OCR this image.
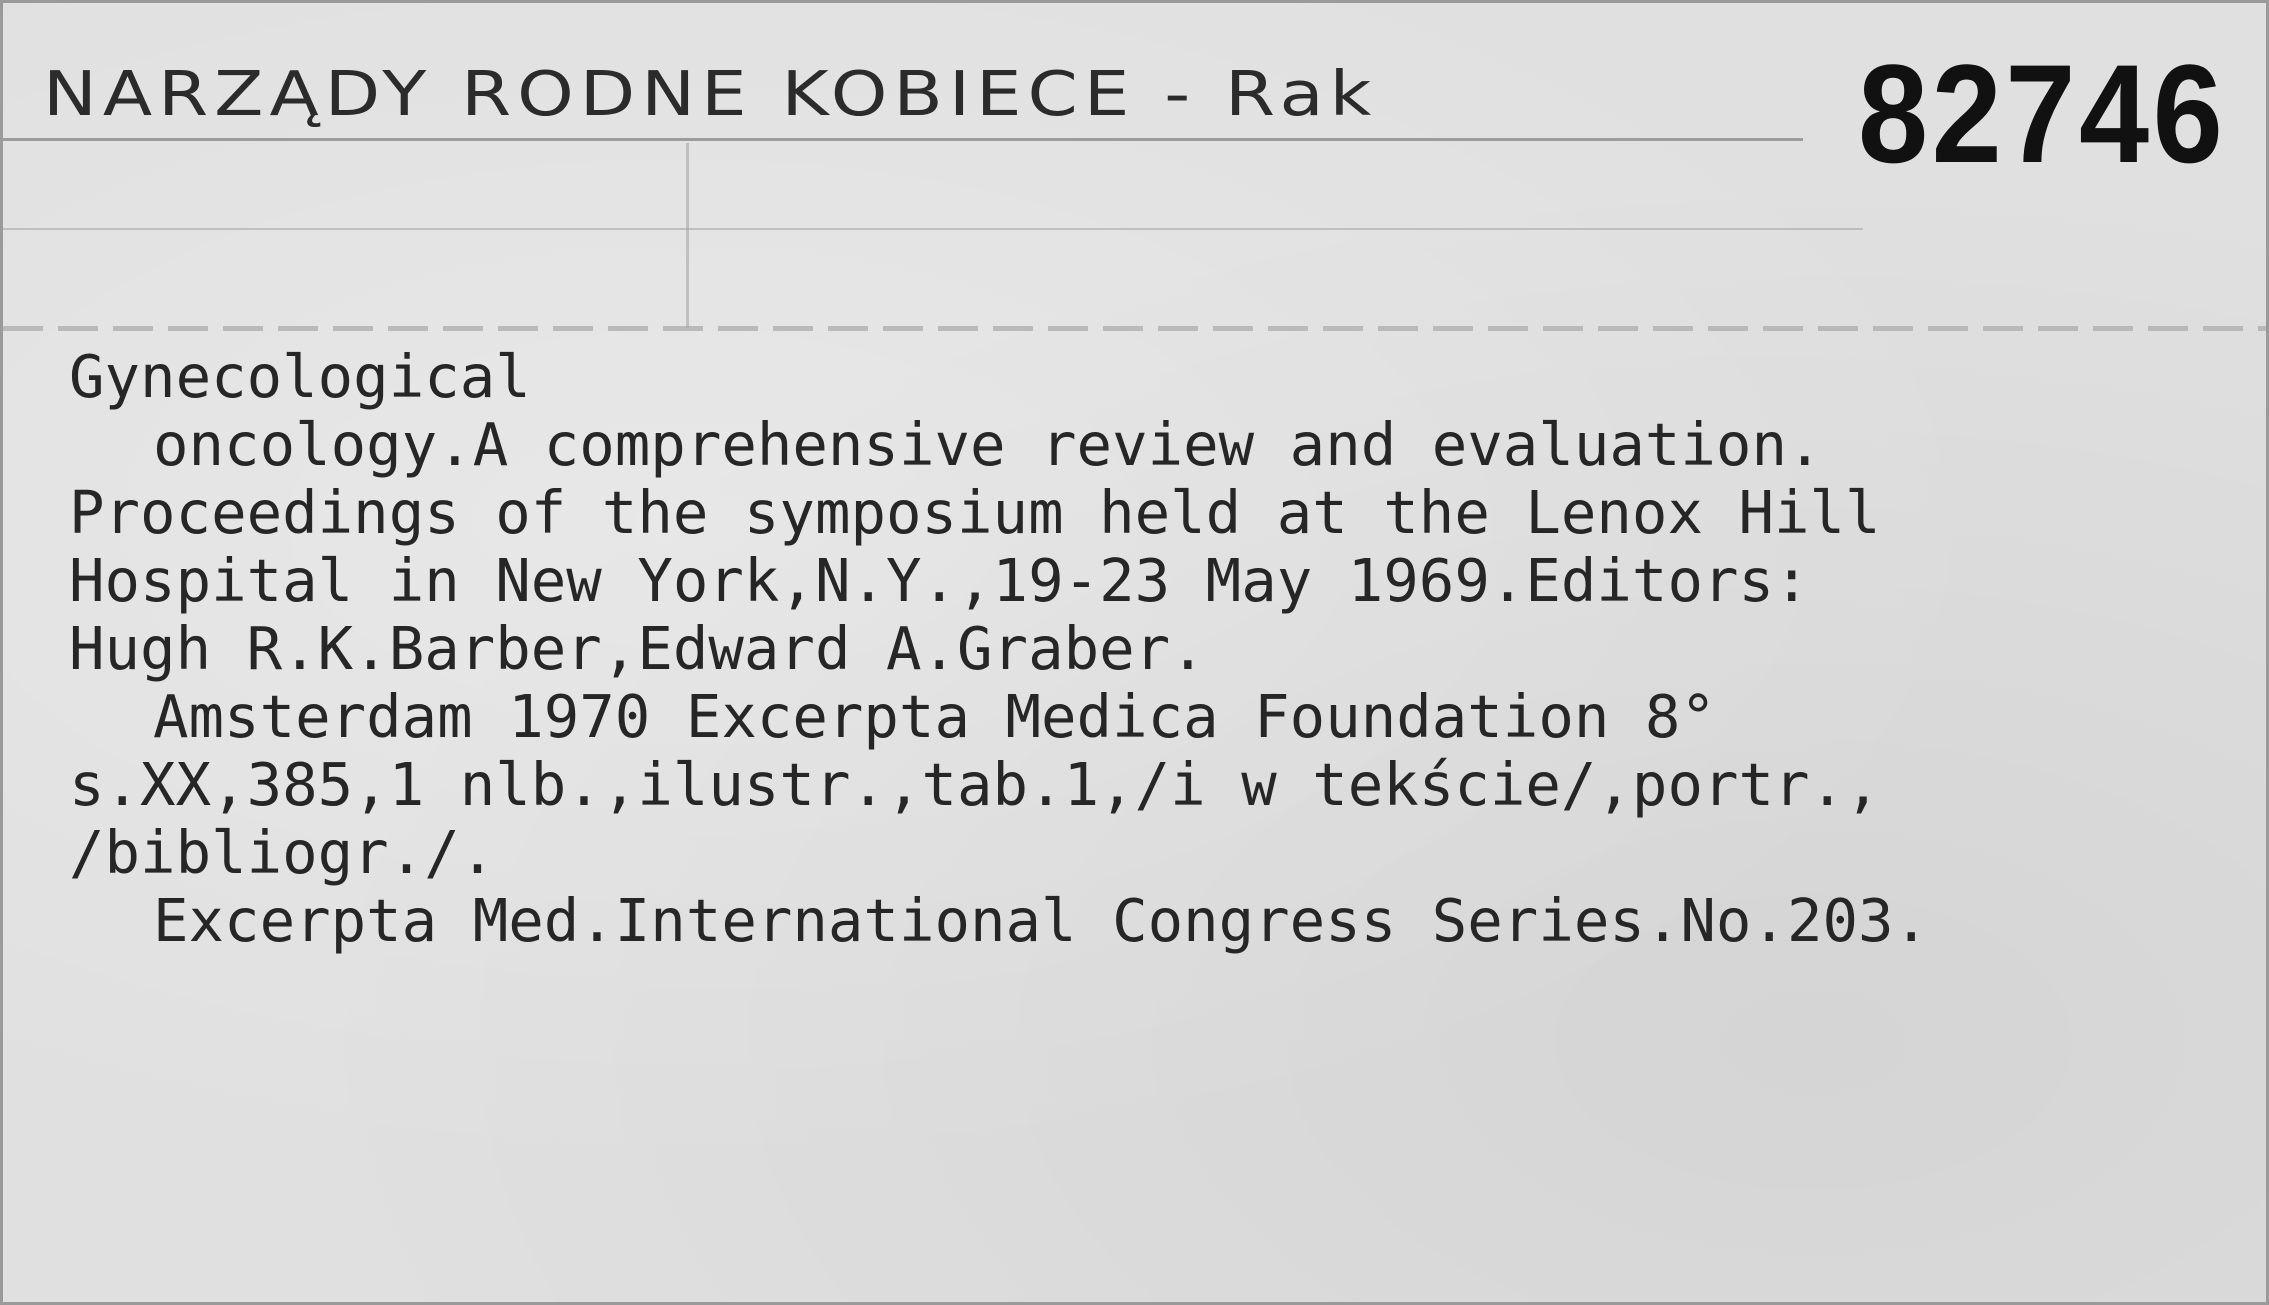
NARZĄDY RODNE KOBIECE - Rak	82746
Gynecological
oncology.A comprehensive review and evaluation.
Proceedings of the symposium held at the Lenox Hill
Hospital in New York,N.Y.,19-23 May 1969.Editors:
Hugh R.K.Barber,Edward A.Graber.
Amsterdam 1970 Excerpta Medica Foundation 8°
s.XX,385,1 nlb.,ilustr.,tab.1,/i w tekście/,portr.,
/bibliogr./.
Excerpta Med.International Congress Series.No.203.
